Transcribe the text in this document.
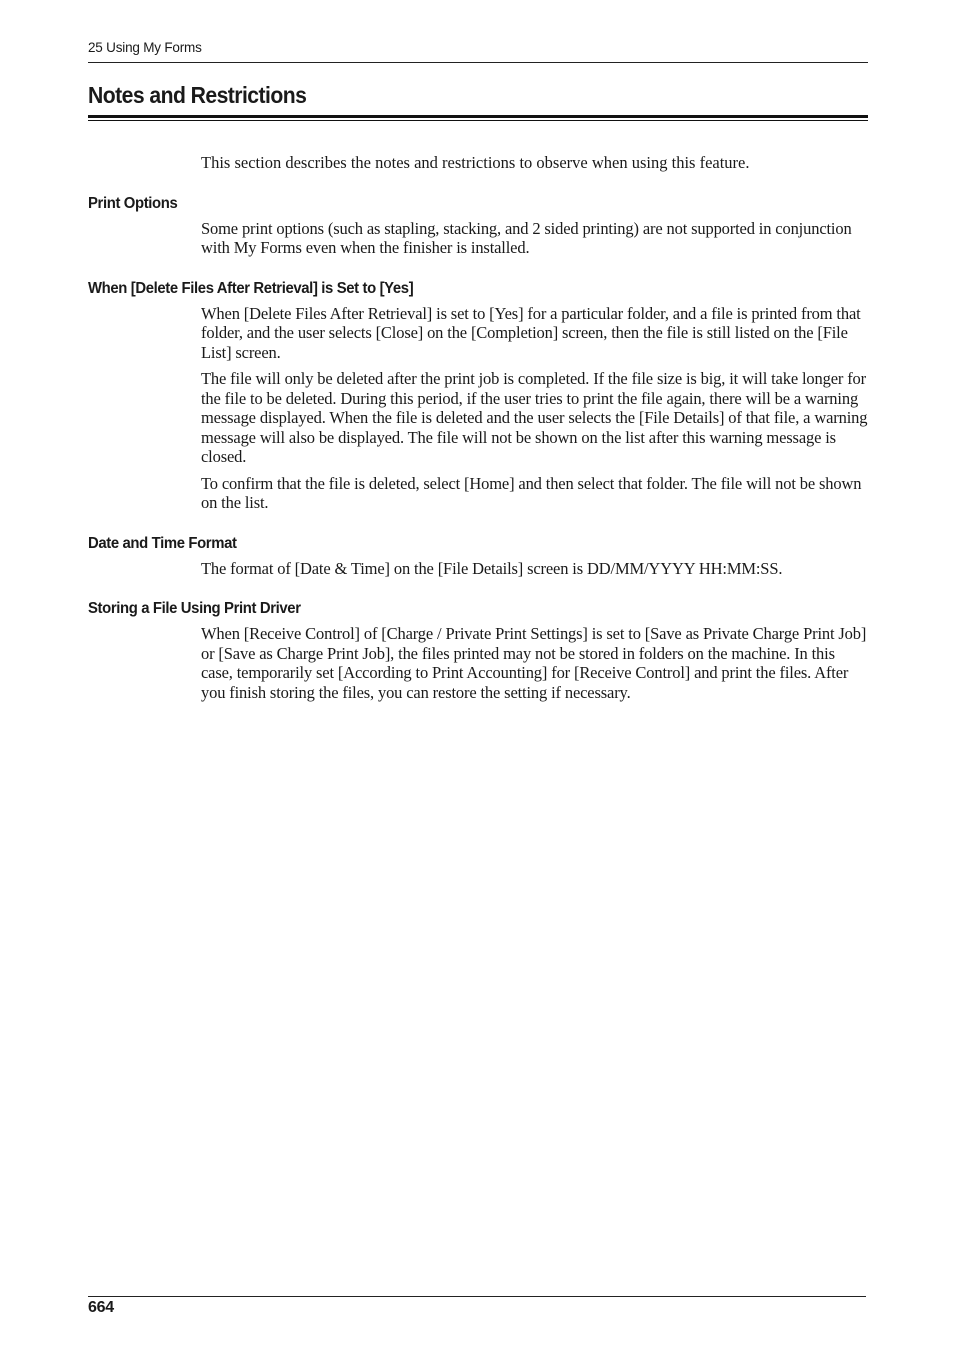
25 Using My Forms
Notes and Restrictions

This section describes the notes and restrictions to observe when using this feature.

Print Options

Some print options (such as stapling, stacking, and 2 sided printing) are not supported in conjunction with My Forms even when the finisher is installed.

When [Delete Files After Retrieval] is Set to [Yes]

When [Delete Files After Retrieval] is set to [Yes] for a particular folder, and a file is printed from that folder, and the user selects [Close] on the [Completion] screen, then the file is still listed on the [File List] screen.

The file will only be deleted after the print job is completed. If the file size is big, it will take longer for the file to be deleted. During this period, if the user tries to print the file again, there will be a warning message displayed. When the file is deleted and the user selects the [File Details] of that file, a warning message will also be displayed. The file will not be shown on the list after this warning message is closed.

To confirm that the file is deleted, select [Home] and then select that folder. The file will not be shown on the list.

Date and Time Format

The format of [Date & Time] on the [File Details] screen is DD/MM/YYYY HH:MM:SS.

Storing a File Using Print Driver

When [Receive Control] of [Charge / Private Print Settings] is set to [Save as Private Charge Print Job] or [Save as Charge Print Job], the files printed may not be stored in folders on the machine. In this case, temporarily set [According to Print Accounting] for [Receive Control] and print the files. After you finish storing the files, you can restore the setting if necessary.

664
